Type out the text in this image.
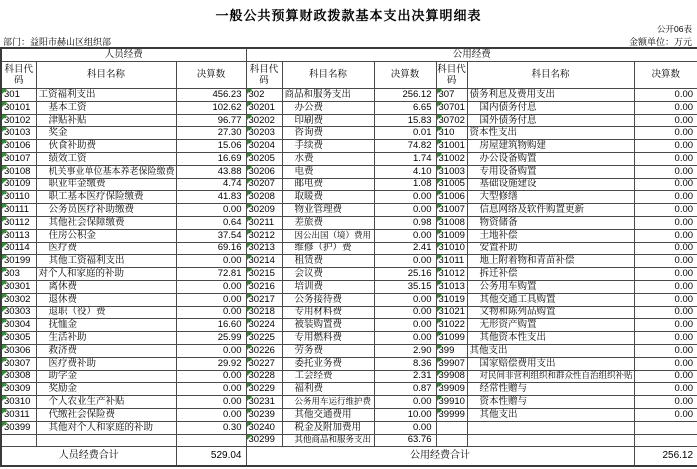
一般公共预算财政拨款基本支出决算明细表
公开06表
部门：益阳市赫山区组织部	金额单位：万元
人员经费			公用经费					
科目代码	科目名称	决算数	科目代码	科目名称	决算数	科目代码	科目名称	决算数
301	工资福利支出	456.23	302	商品和服务支出	256.12	307	债务利息及费用支出	0.00
30101	基本工资	102.62	30201	办公费	6.65	30701	国内债务付息	0.00
30102	津贴补贴	96.77	30202	印刷费	15.83	30702	国外债务付息	0.00
30103	奖金	27.30	30203	咨询费	0.01	310	资本性支出	0.00
30106	伙食补助费	15.06	30204	手续费	74.82	31001	房屋建筑物购建	0.00
30107	绩效工资	16.69	30205	水费	1.74	31002	办公设备购置	0.00
30108	机关事业单位基本养老保险缴费	43.88	30206	电费	4.10	31003	专用设备购置	0.00
30109	职业年金缴费	4.74	30207	邮电费	1.08	31005	基础设施建设	0.00
30110	职工基本医疗保险缴费	41.83	30208	取暖费	0.00	31006	大型修缮	0.00
30111	公务员医疗补助缴费	0.00	30209	物业管理费	0.00	31007	信息网络及软件购置更新	0.00
30112	其他社会保障缴费	0.64	30211	差旅费	0.98	31008	物资储备	0.00
30113	住房公积金	37.54	30212	因公出国（境）费用	0.00	31009	土地补偿	0.00
30114	医疗费	69.16	30213	维修（护）费	2.41	31010	安置补助	0.00
30199	其他工资福利支出	0.00	30214	租赁费	0.00	31011	地上附着物和青苗补偿	0.00
303	对个人和家庭的补助	72.81	30215	会议费	25.16	31012	拆迁补偿	0.00
30301	离休费	0.00	30216	培训费	35.15	31013	公务用车购置	0.00
30302	退休费	0.00	30217	公务接待费	0.00	31019	其他交通工具购置	0.00
30303	退职（役）费	0.00	30218	专用材料费	0.00	31021	文物和陈列品购置	0.00
30304	抚恤金	16.60	30224	被装购置费	0.00	31022	无形资产购置	0.00
30305	生活补助	25.99	30225	专用燃料费	0.00	31099	其他资本性支出	0.00
30306	救济费	0.00	30226	劳务费	2.90	399	其他支出	0.00
30307	医疗费补助	29.92	30227	委托业务费	8.36	39907	国家赔偿费用支出	0.00
30308	助学金	0.00	30228	工会经费	2.31	39908	对民间非营利组织和群众性自治组织补贴	0.00
30309	奖励金	0.00	30229	福利费	0.87	39909	经常性赠与	0.00
30310	个人农业生产补贴	0.00	30231	公务用车运行维护费	0.00	39910	资本性赠与	0.00
30311	代缴社会保险费	0.00	30239	其他交通费用	10.00	39999	其他支出	0.00
30399	其他对个人和家庭的补助	0.30	30240	税金及附加费用	0.00			
			30299	其他商品和服务支出	63.76			
人员经费合计		529.04	公用经费合计					256.12
